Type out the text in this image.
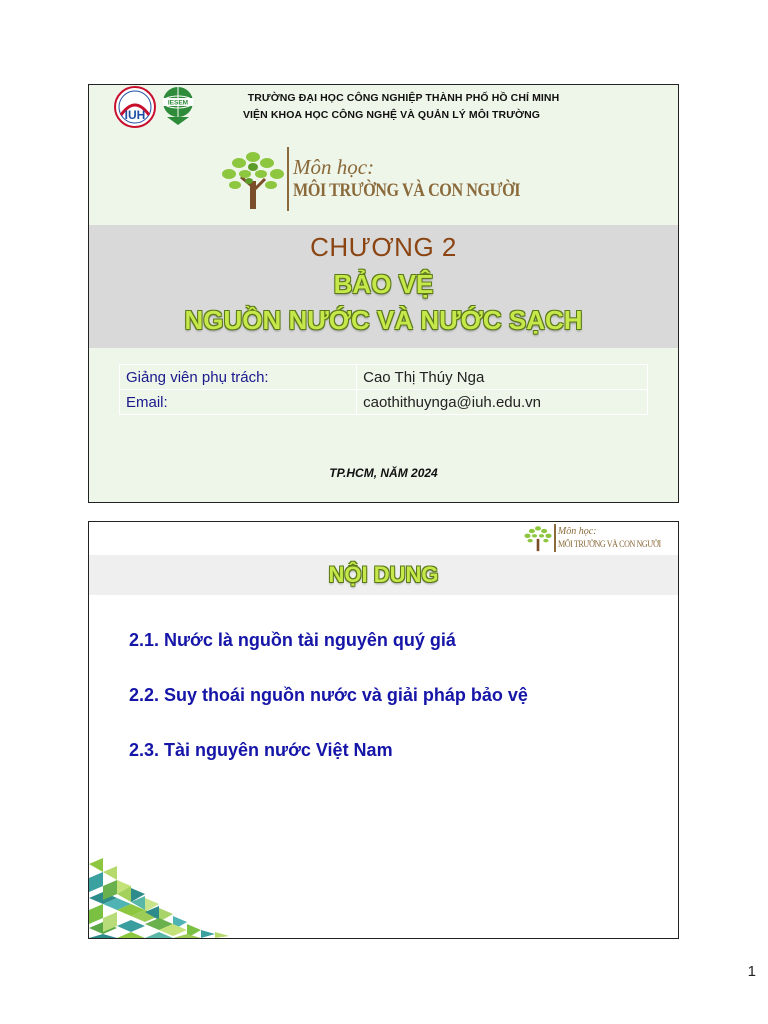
IUH
IESEM	TRƯỜNG ĐẠI HỌC CÔNG NGHIỆP THÀNH PHỐ HỒ CHÍ MINH
VIỆN KHOA HỌC CÔNG NGHỆ VÀ QUẢN LÝ MÔI TRƯỜNG
Môn học:
MÔI TRƯỜNG VÀ CON NGƯỜI
CHƯƠNG 2
BẢO VỆ
NGUỒN NƯỚC VÀ NƯỚC SẠCH
Giảng viên phụ trách:	Cao Thị Thúy Nga
Email:	caothithuynga@iuh.edu.vn
TP.HCM, NĂM 2024
Môn học:
MÔI TRƯỜNG VÀ CON NGƯỜI
NỘI DUNG
2.1. Nước là nguồn tài nguyên quý giá
2.2. Suy thoái nguồn nước và giải pháp bảo vệ
2.3. Tài nguyên nước Việt Nam
1
